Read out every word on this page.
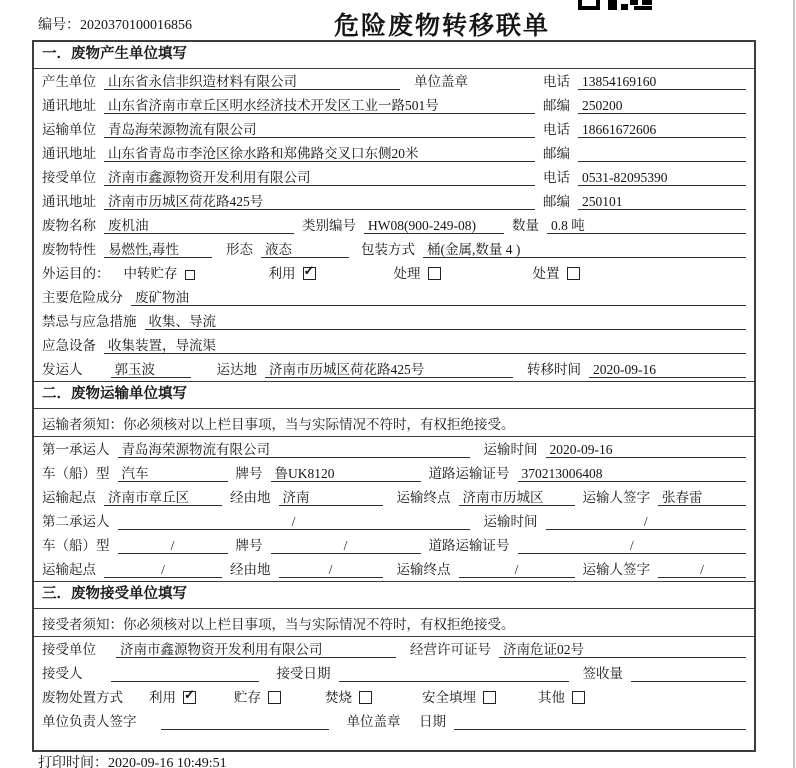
编号：2020370100016856	危险废物转移联单
一．废物产生单位填写
产生单位 山东省永信非织造材料有限公司	单位盖章	电话 13854169160
通讯地址 山东省济南市章丘区明水经济技术开发区工业一路501号	邮编 250200
运输单位 青岛海荣源物流有限公司	电话 18661672606
通讯地址 山东省青岛市李沧区徐水路和郑佛路交叉口东侧20米	邮编
接受单位 济南市鑫源物资开发利用有限公司	电话 0531-82095390
通讯地址 济南市历城区荷花路425号	邮编 250101
废物名称 废机油	类别编号 HW08(900-249-08)	数量 0.8 吨
废物特性 易燃性,毒性	形态 液态	包装方式 桶(金属,数量 4 )
外运目的： 中转贮存	利用 ✓	处理	处置
主要危险成分 废矿物油
禁忌与应急措施 收集、导流
应急设备 收集装置，导流渠
发运人 郭玉波	运达地 济南市历城区荷花路425号	转移时间 2020-09-16
二．废物运输单位填写
运输者须知：你必须核对以上栏目事项，当与实际情况不符时，有权拒绝接受。
第一承运人 青岛海荣源物流有限公司	运输时间 2020-09-16
车（船）型 汽车	牌号 鲁UK8120	道路运输证号 370213006408
运输起点 济南市章丘区	经由地 济南	运输终点 济南市历城区	运输人签字 张春雷
第二承运人	/	运输时间	/
车（船）型	/	牌号	/	道路运输证号	/
运输起点	/	经由地	/	运输终点	/	运输人签字	/
三．废物接受单位填写
接受者须知：你必须核对以上栏目事项，当与实际情况不符时，有权拒绝接受。
接受单位 济南市鑫源物资开发利用有限公司	经营许可证号 济南危证02号
接受人	接受日期	签收量
废物处置方式 利用 ✓	贮存	焚烧	安全填埋	其他
单位负责人签字	单位盖章 日期
打印时间：2020-09-16 10:49:51
